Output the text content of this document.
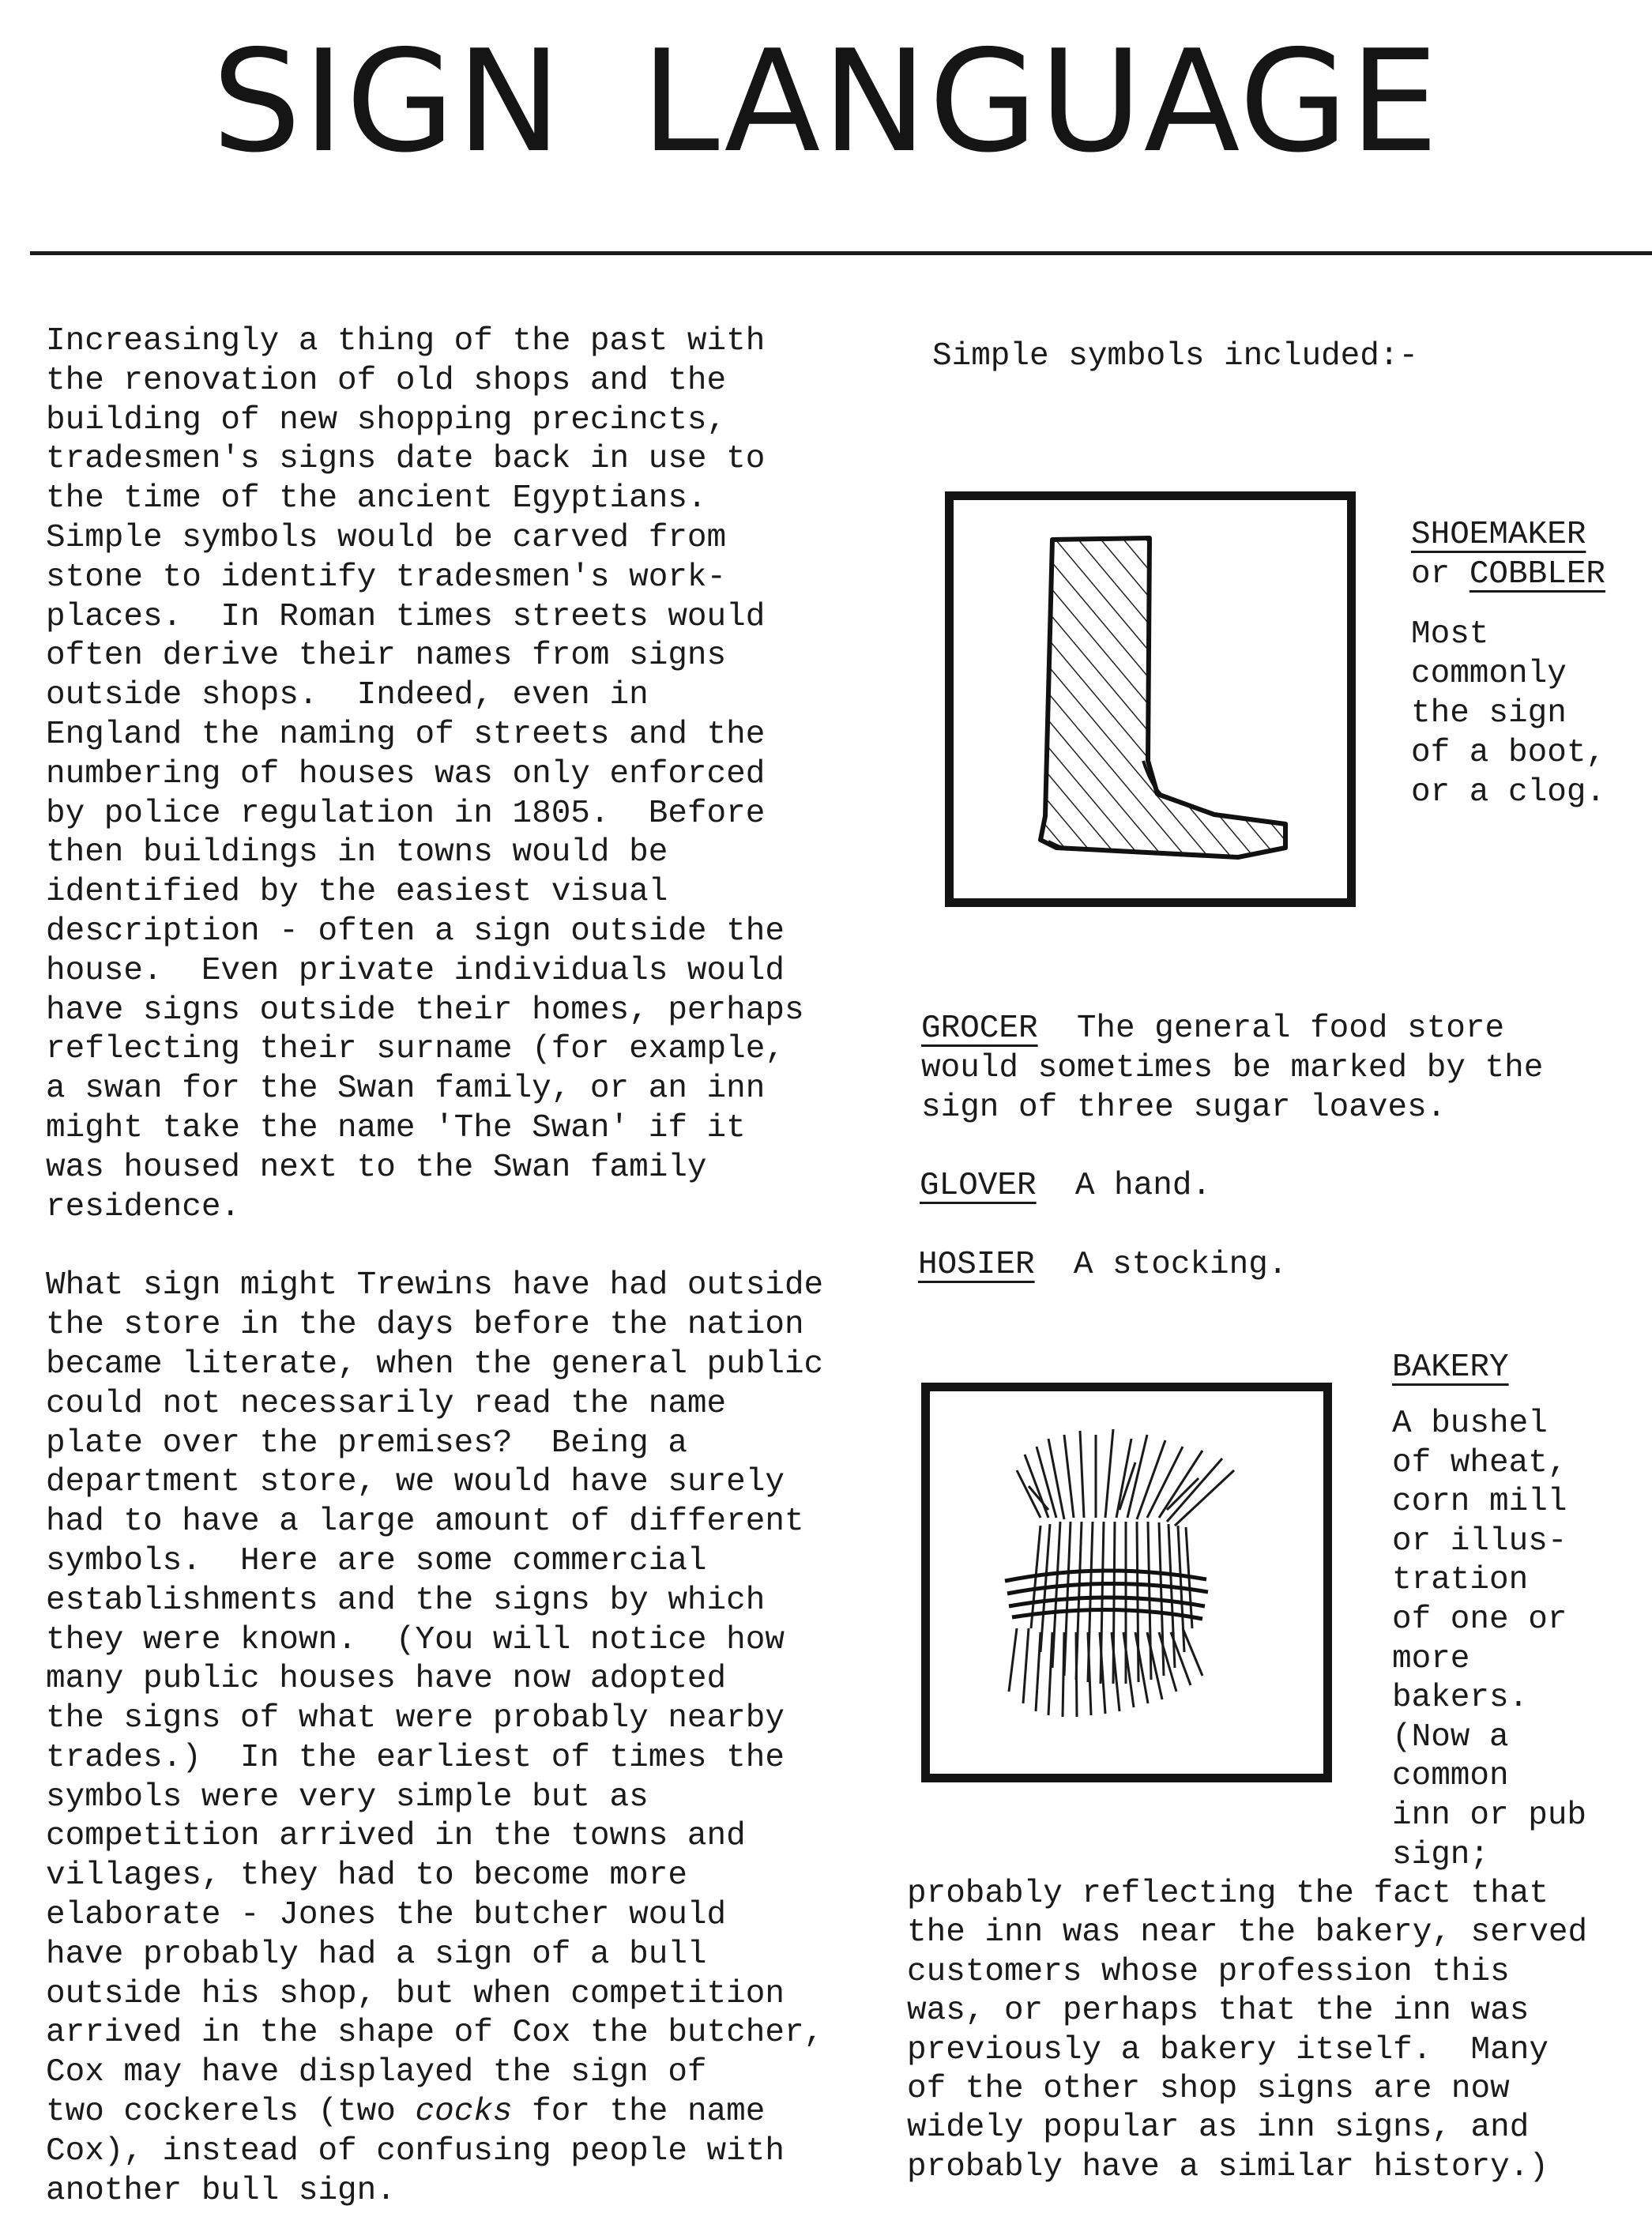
SIGN LANGUAGE

Increasingly a thing of the past with

the renovation of old shops and the

building of new shopping precincts,

tradesmen's signs date back in use to

the time of the ancient Egyptians.

Simple symbols would be carved from

stone to identify tradesmen's work-

places.  In Roman times streets would

often derive their names from signs

outside shops.  Indeed, even in

England the naming of streets and the

numbering of houses was only enforced

by police regulation in 1805.  Before

then buildings in towns would be

identified by the easiest visual

description - often a sign outside the

house.  Even private individuals would

have signs outside their homes, perhaps

reflecting their surname (for example,

a swan for the Swan family, or an inn

might take the name 'The Swan' if it

was housed next to the Swan family

residence.

What sign might Trewins have had outside

the store in the days before the nation

became literate, when the general public

could not necessarily read the name

plate over the premises?  Being a

department store, we would have surely

had to have a large amount of different

symbols.  Here are some commercial

establishments and the signs by which

they were known.  (You will notice how

many public houses have now adopted

the signs of what were probably nearby

trades.)  In the earliest of times the

symbols were very simple but as

competition arrived in the towns and

villages, they had to become more

elaborate - Jones the butcher would

have probably had a sign of a bull

outside his shop, but when competition

arrived in the shape of Cox the butcher,

Cox may have displayed the sign of

two cockerels (two cocks for the name

Cox), instead of confusing people with

another bull sign.

Simple symbols included:-

SHOEMAKER

or COBBLER

Most

commonly

the sign

of a boot,

or a clog.

GROCER  The general food store

would sometimes be marked by the

sign of three sugar loaves.

GLOVER  A hand.

HOSIER  A stocking.

BAKERY

A bushel

of wheat,

corn mill

or illus-

tration

of one or

more

bakers.

(Now a

common

inn or pub

sign;

probably reflecting the fact that

the inn was near the bakery, served

customers whose profession this

was, or perhaps that the inn was

previously a bakery itself.  Many

of the other shop signs are now

widely popular as inn signs, and

probably have a similar history.)
